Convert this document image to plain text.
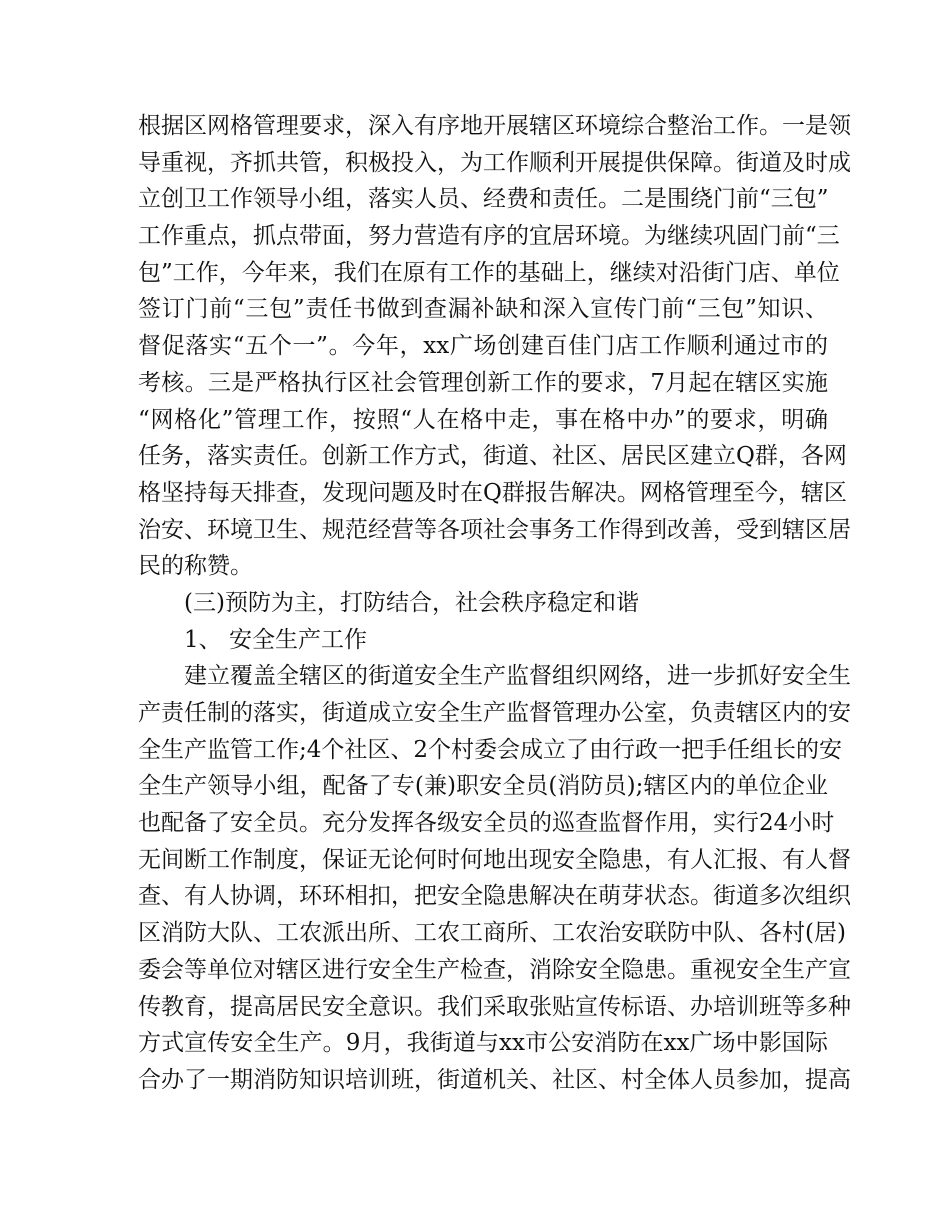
根据区网格管理要求，深入有序地开展辖区环境综合整治工作。一是领
导重视，齐抓共管，积极投入，为工作顺利开展提供保障。街道及时成
立创卫工作领导小组，落实人员、经费和责任。二是围绕门前“三包”
工作重点，抓点带面，努力营造有序的宜居环境。为继续巩固门前“三
包”工作，今年来，我们在原有工作的基础上，继续对沿街门店、单位
签订门前“三包”责任书做到查漏补缺和深入宣传门前“三包”知识、
督促落实“五个一”。今年，xx广场创建百佳门店工作顺利通过市的
考核。三是严格执行区社会管理创新工作的要求，7月起在辖区实施
“网格化”管理工作，按照“人在格中走，事在格中办”的要求，明确
任务，落实责任。创新工作方式，街道、社区、居民区建立Q群，各网
格坚持每天排查，发现问题及时在Q群报告解决。网格管理至今，辖区
治安、环境卫生、规范经营等各项社会事务工作得到改善，受到辖区居
民的称赞。
(三)预防为主，打防结合，社会秩序稳定和谐
1、 安全生产工作
建立覆盖全辖区的街道安全生产监督组织网络，进一步抓好安全生
产责任制的落实，街道成立安全生产监督管理办公室，负责辖区内的安
全生产监管工作;4个社区、2个村委会成立了由行政一把手任组长的安
全生产领导小组，配备了专(兼)职安全员(消防员);辖区内的单位企业
也配备了安全员。充分发挥各级安全员的巡查监督作用，实行24小时
无间断工作制度，保证无论何时何地出现安全隐患，有人汇报、有人督
查、有人协调，环环相扣，把安全隐患解决在萌芽状态。街道多次组织
区消防大队、工农派出所、工农工商所、工农治安联防中队、各村(居)
委会等单位对辖区进行安全生产检查，消除安全隐患。重视安全生产宣
传教育，提高居民安全意识。我们采取张贴宣传标语、办培训班等多种
方式宣传安全生产。9月，我街道与xx市公安消防在xx广场中影国际
合办了一期消防知识培训班，街道机关、社区、村全体人员参加，提高
